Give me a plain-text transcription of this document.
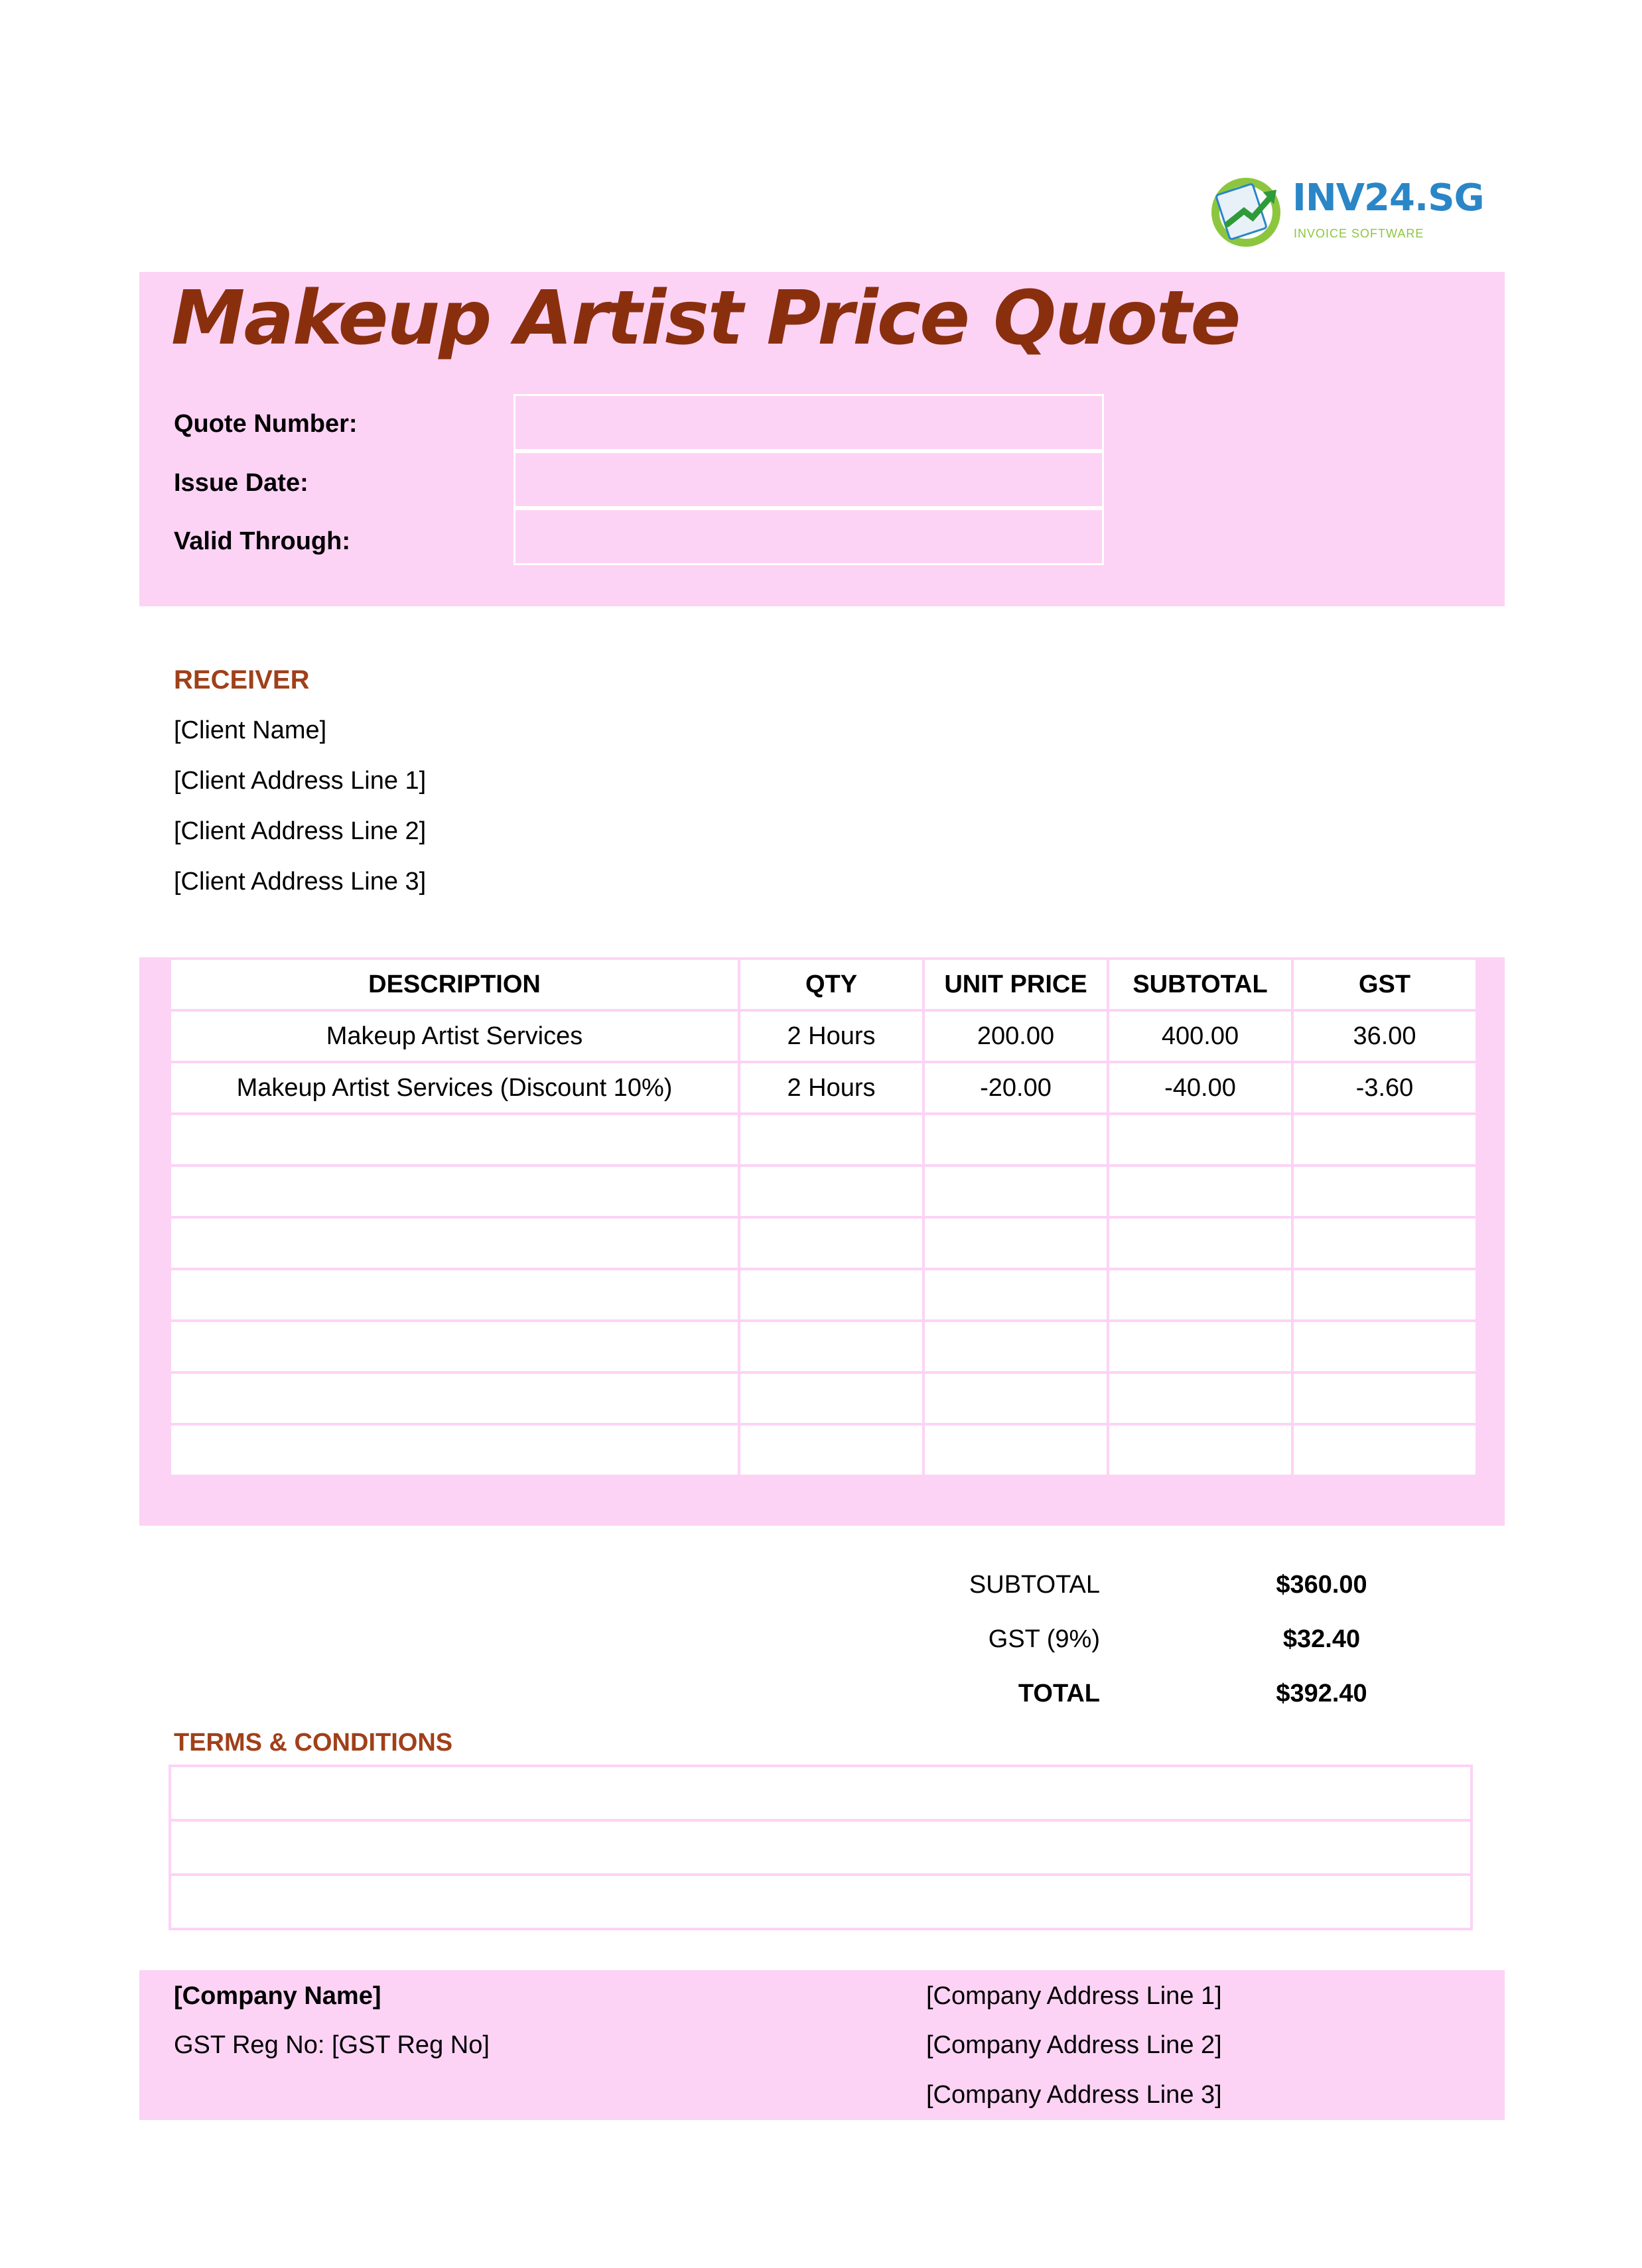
INV24.SG
INVOICE SOFTWARE
Makeup Artist Price Quote
Quote Number:
Issue Date:
Valid Through:
RECEIVER
[Client Name]
[Client Address Line 1]
[Client Address Line 2]
[Client Address Line 3]
DESCRIPTION	QTY	UNIT PRICE	SUBTOTAL	GST
Makeup Artist Services	2 Hours	200.00	400.00	36.00
Makeup Artist Services (Discount 10%)	2 Hours	-20.00	-40.00	-3.60

SUBTOTAL	$360.00
GST (9%)	$32.40
TOTAL	$392.40
TERMS & CONDITIONS

[Company Name]
GST Reg No: [GST Reg No]
[Company Address Line 1]
[Company Address Line 2]
[Company Address Line 3]
